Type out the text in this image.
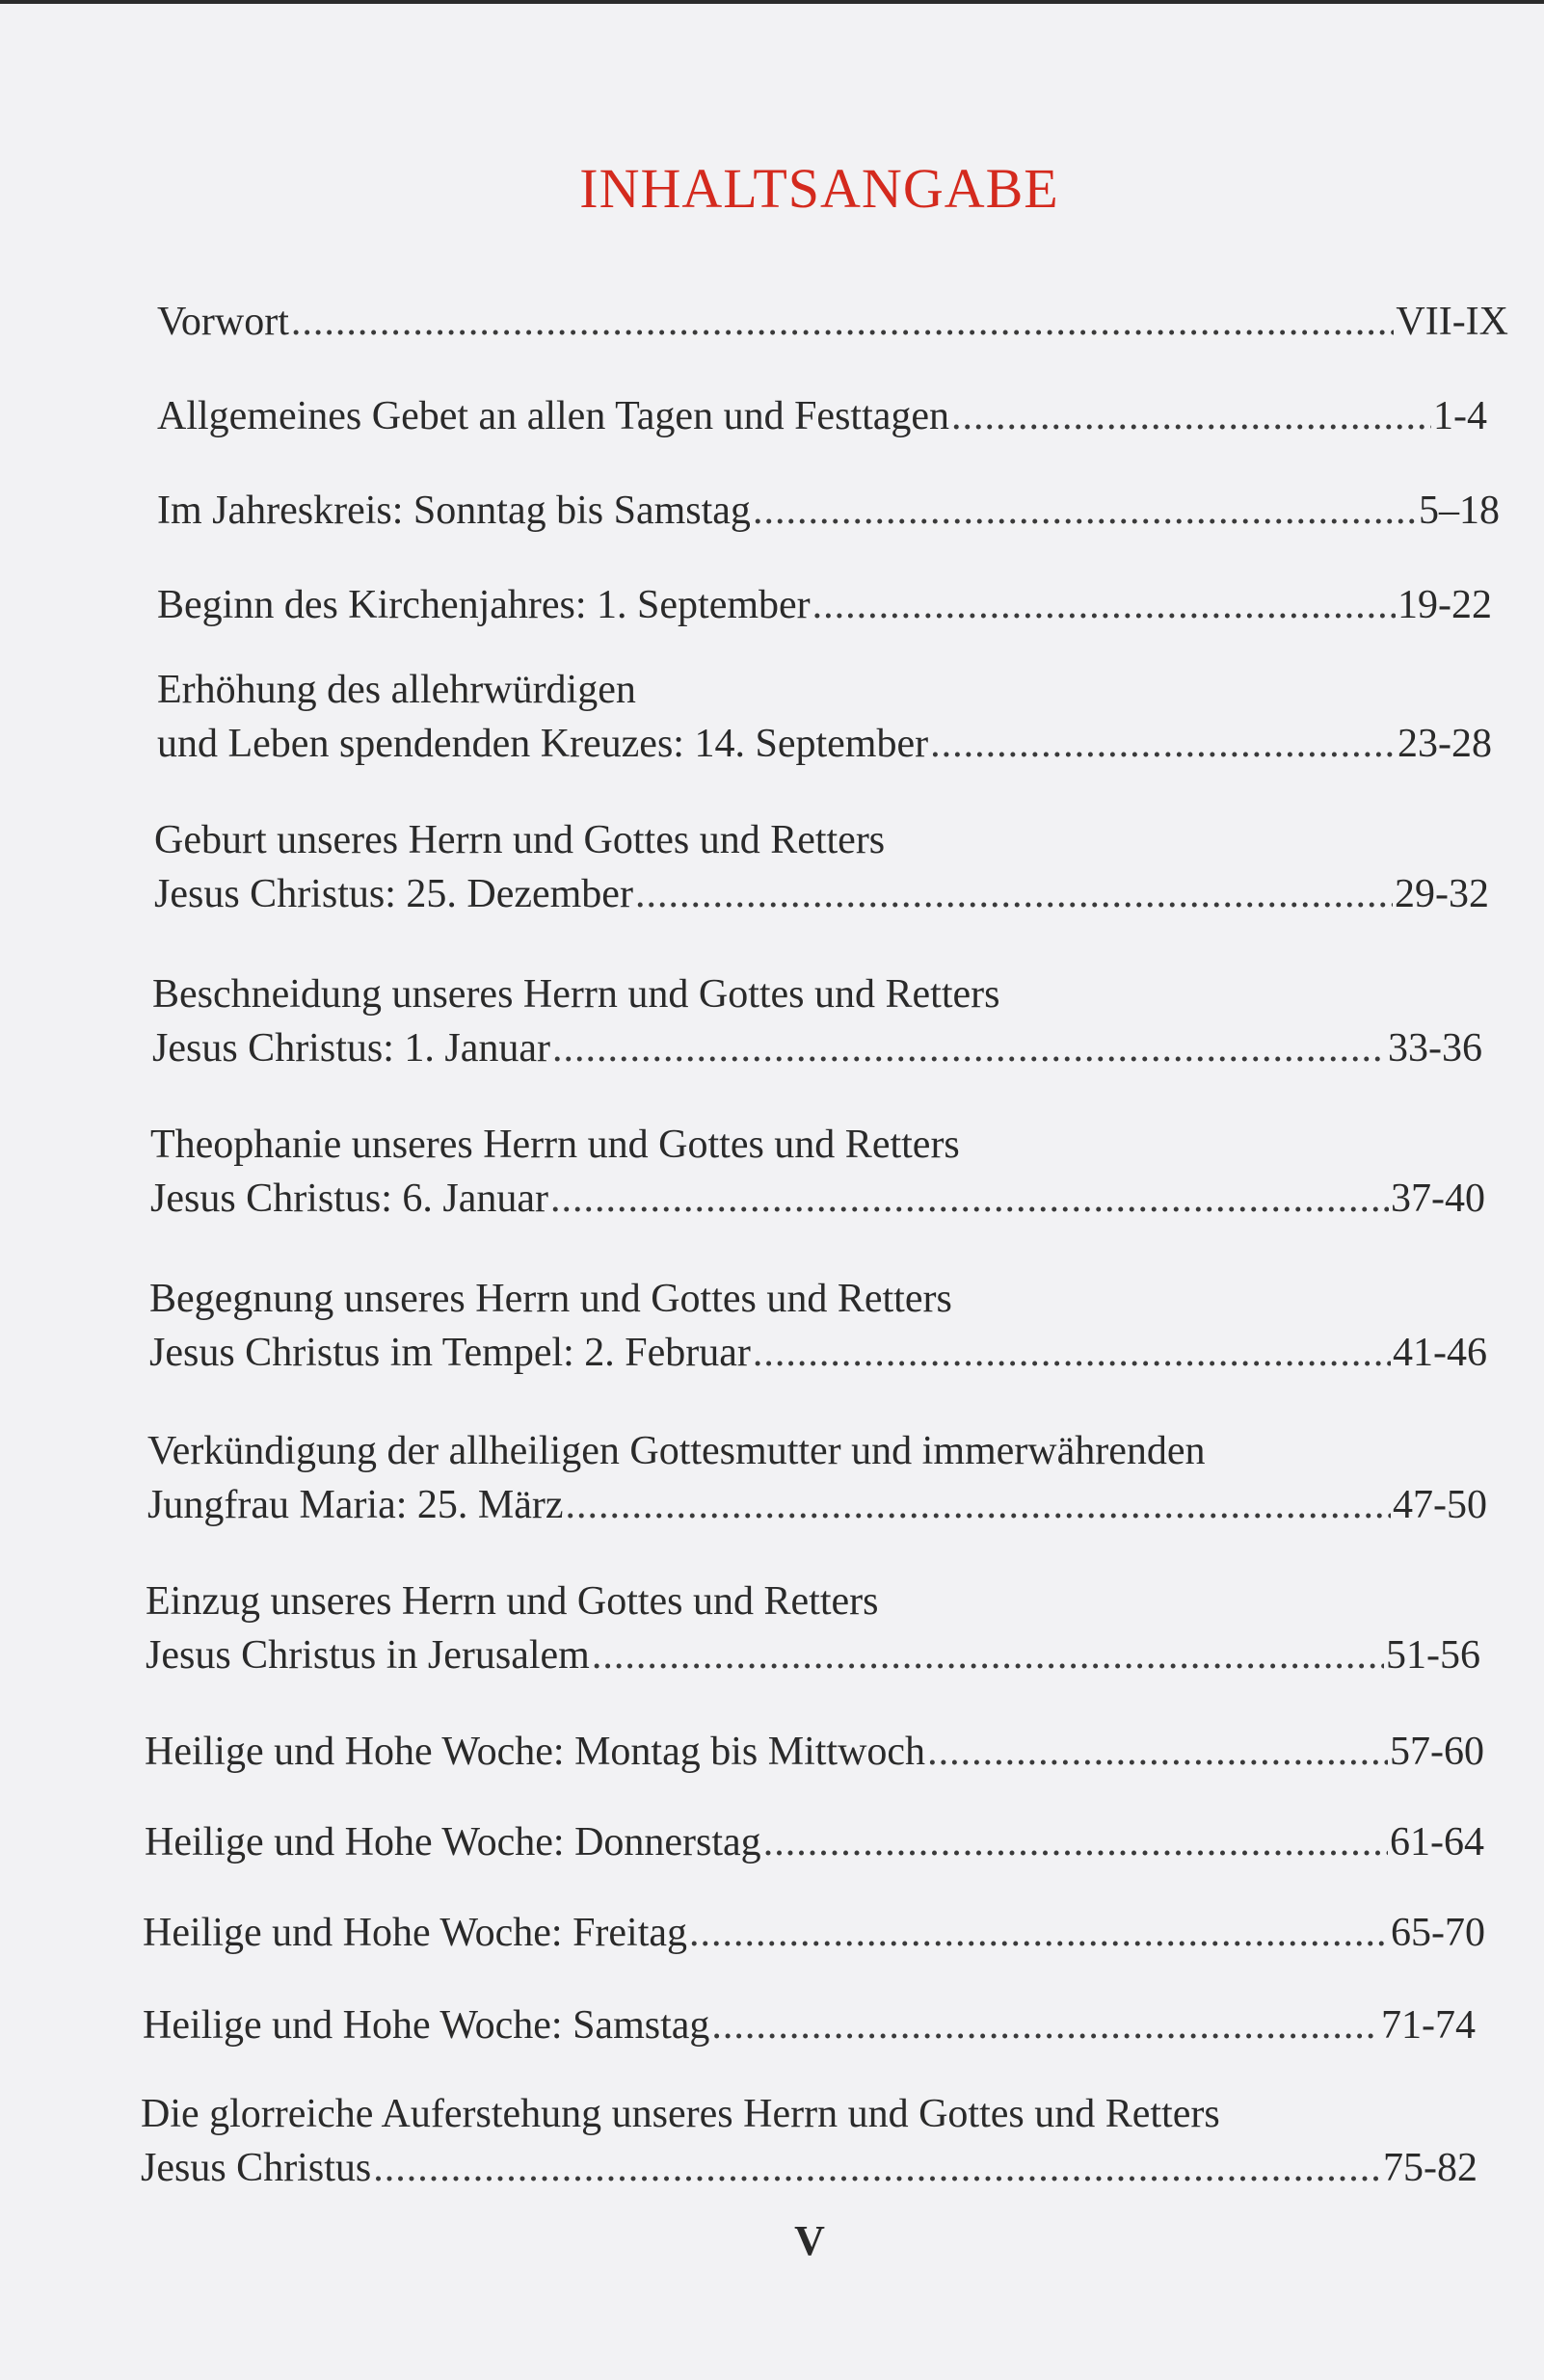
INHALTSANGABE
Vorwort .....	VII-IX
Allgemeines Gebet an allen Tagen und Festtagen .....	1-4
Im Jahreskreis: Sonntag bis Samstag .....	5–18
Beginn des Kirchenjahres: 1. September .....	19-22
Erhöhung des allehrwürdigen
und Leben spendenden Kreuzes: 14. September .....	23-28
Geburt unseres Herrn und Gottes und Retters
Jesus Christus: 25. Dezember .....	29-32
Beschneidung unseres Herrn und Gottes und Retters
Jesus Christus: 1. Januar .....	33-36
Theophanie unseres Herrn und Gottes und Retters
Jesus Christus: 6. Januar .....	37-40
Begegnung unseres Herrn und Gottes und Retters
Jesus Christus im Tempel: 2. Februar .....	41-46
Verkündigung der allheiligen Gottesmutter und immerwährenden
Jungfrau Maria: 25. März .....	47-50
Einzug unseres Herrn und Gottes und Retters
Jesus Christus in Jerusalem .....	51-56
Heilige und Hohe Woche: Montag bis Mittwoch .....	57-60
Heilige und Hohe Woche: Donnerstag .....	61-64
Heilige und Hohe Woche: Freitag .....	65-70
Heilige und Hohe Woche: Samstag .....	71-74
Die glorreiche Auferstehung unseres Herrn und Gottes und Retters
Jesus Christus .....	75-82
V
